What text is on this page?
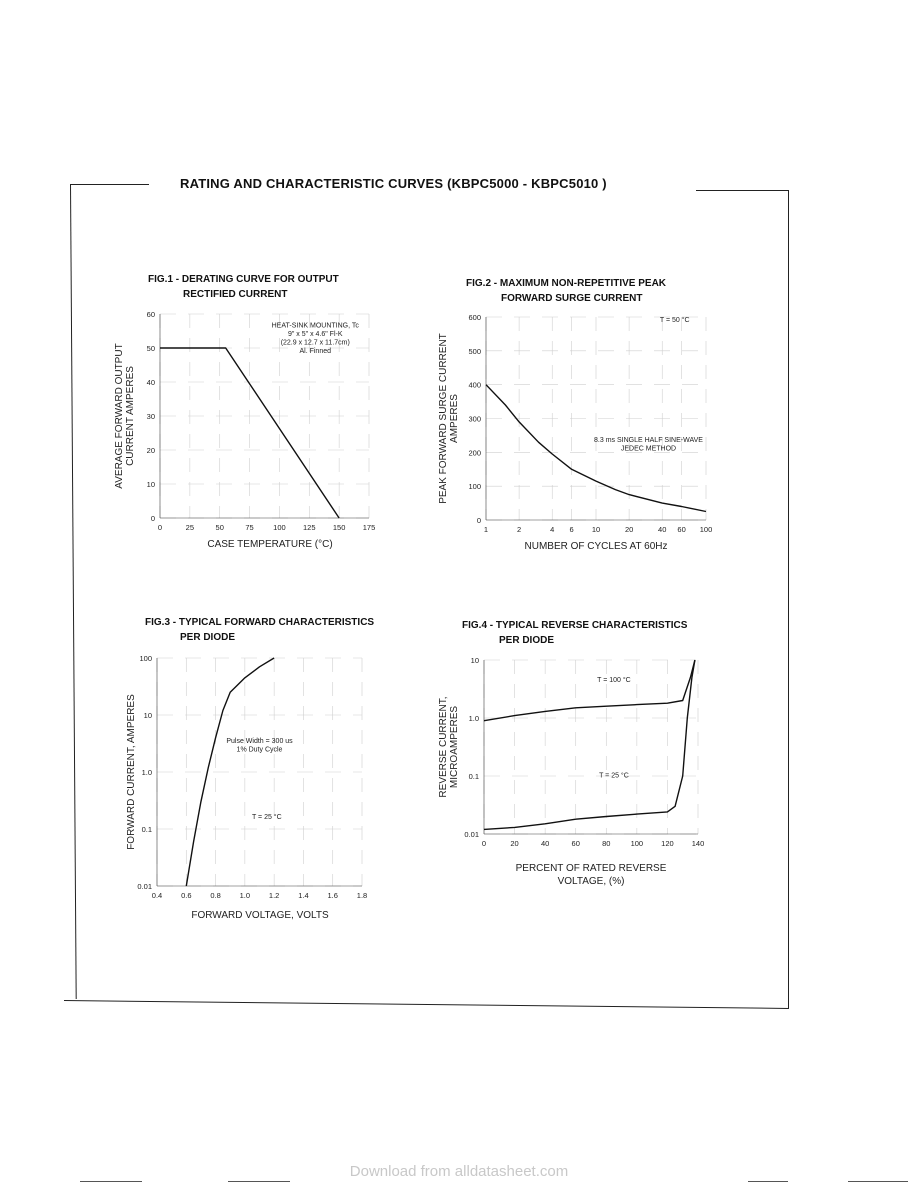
RATING AND CHARACTERISTIC CURVES (KBPC5000 - KBPC5010 )
FIG.1 - DERATING CURVE FOR OUTPUT
RECTIFIED CURRENT
FIG.2 - MAXIMUM NON-REPETITIVE PEAK
FORWARD SURGE CURRENT
FIG.3 - TYPICAL FORWARD CHARACTERISTICS
PER DIODE
FIG.4 - TYPICAL REVERSE CHARACTERISTICS
PER DIODE
0	25	50	75	100 125 150 175
0
10
20
30
40
50
60
CASE TEMPERATURE (°C)
AVERAGE FORWARD OUTPUT CURRENT AMPERES
HEAT-SINK MOUNTING, Tc
9" x 5" x 4.6" Fl-K
(22.9 x 12.7 x 11.7cm)
Al. Finned
1	2	4 6 10	20	40 60 100
0
100
200
300
400
500
600
NUMBER OF CYCLES AT 60Hz
PEAK FORWARD SURGE CURRENT AMPERES
T = 50 °C
8.3 ms SINGLE HALF SINE-WAVE
JEDEC METHOD
0.4	0.6	0.8	1.0	1.2	1.4	1.6	1.8
0.01
0.1
1.0
10
100
FORWARD VOLTAGE, VOLTS
FORWARD CURRENT, AMPERES	Pulse Width = 300 us
1% Duty Cycle
T = 25 °C
0	20	40	60	80	100 120 140
0.01
0.1
1.0
10
PERCENT OF RATED REVERSE
VOLTAGE, (%)
REVERSE CURRENT, MICROAMPERES
T = 100 °C
T = 25 °C
Download from alldatasheet.com
